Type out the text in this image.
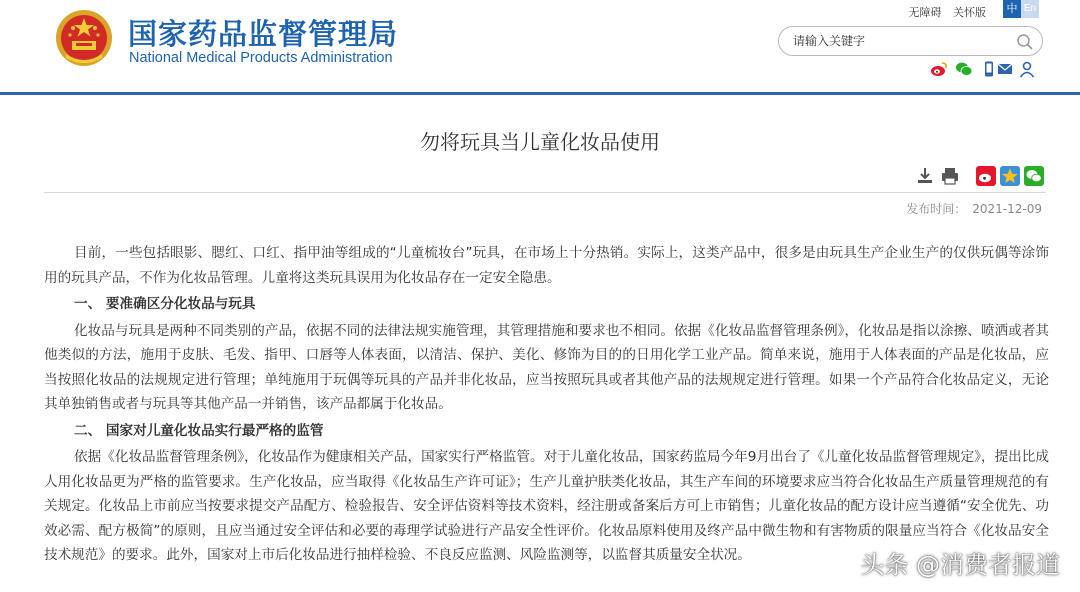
国家药品监督管理局
National Medical Products Administration
无障碍 关怀版	中 En
请输入关键字
勿将玩具当儿童化妆品使用
发布时间： 2021-12-09

目前，一些包括眼影、腮红、口红、指甲油等组成的“儿童梳妆台”玩具，在市场上十分热销。实际上，这类产品中，很多是由玩具生产企业生产的仅供玩偶等涂饰用的玩具产品，不作为化妆品管理。儿童将这类玩具误用为化妆品存在一定安全隐患。

一、 要准确区分化妆品与玩具

化妆品与玩具是两种不同类别的产品，依据不同的法律法规实施管理，其管理措施和要求也不相同。依据《化妆品监督管理条例》，化妆品是指以涂擦、喷洒或者其他类似的方法，施用于皮肤、毛发、指甲、口唇等人体表面，以清洁、保护、美化、修饰为目的的日用化学工业产品。简单来说，施用于人体表面的产品是化妆品，应当按照化妆品的法规规定进行管理；单纯施用于玩偶等玩具的产品并非化妆品，应当按照玩具或者其他产品的法规规定进行管理。如果一个产品符合化妆品定义，无论其单独销售或者与玩具等其他产品一并销售，该产品都属于化妆品。

二、 国家对儿童化妆品实行最严格的监管

依据《化妆品监督管理条例》，化妆品作为健康相关产品，国家实行严格监管。对于儿童化妆品，国家药监局今年9月出台了《儿童化妆品监督管理规定》，提出比成人用化妆品更为严格的监管要求。生产化妆品，应当取得《化妆品生产许可证》；生产儿童护肤类化妆品，其生产车间的环境要求应当符合化妆品生产质量管理规范的有关规定。化妆品上市前应当按要求提交产品配方、检验报告、安全评估资料等技术资料，经注册或备案后方可上市销售；儿童化妆品的配方设计应当遵循“安全优先、功效必需、配方极简”的原则，且应当通过安全评估和必要的毒理学试验进行产品安全性评价。化妆品原料使用及终产品中微生物和有害物质的限量应当符合《化妆品安全技术规范》的要求。此外，国家对上市后化妆品进行抽样检验、不良反应监测、风险监测等，以监督其质量安全状况。	头条 @消费者报道
